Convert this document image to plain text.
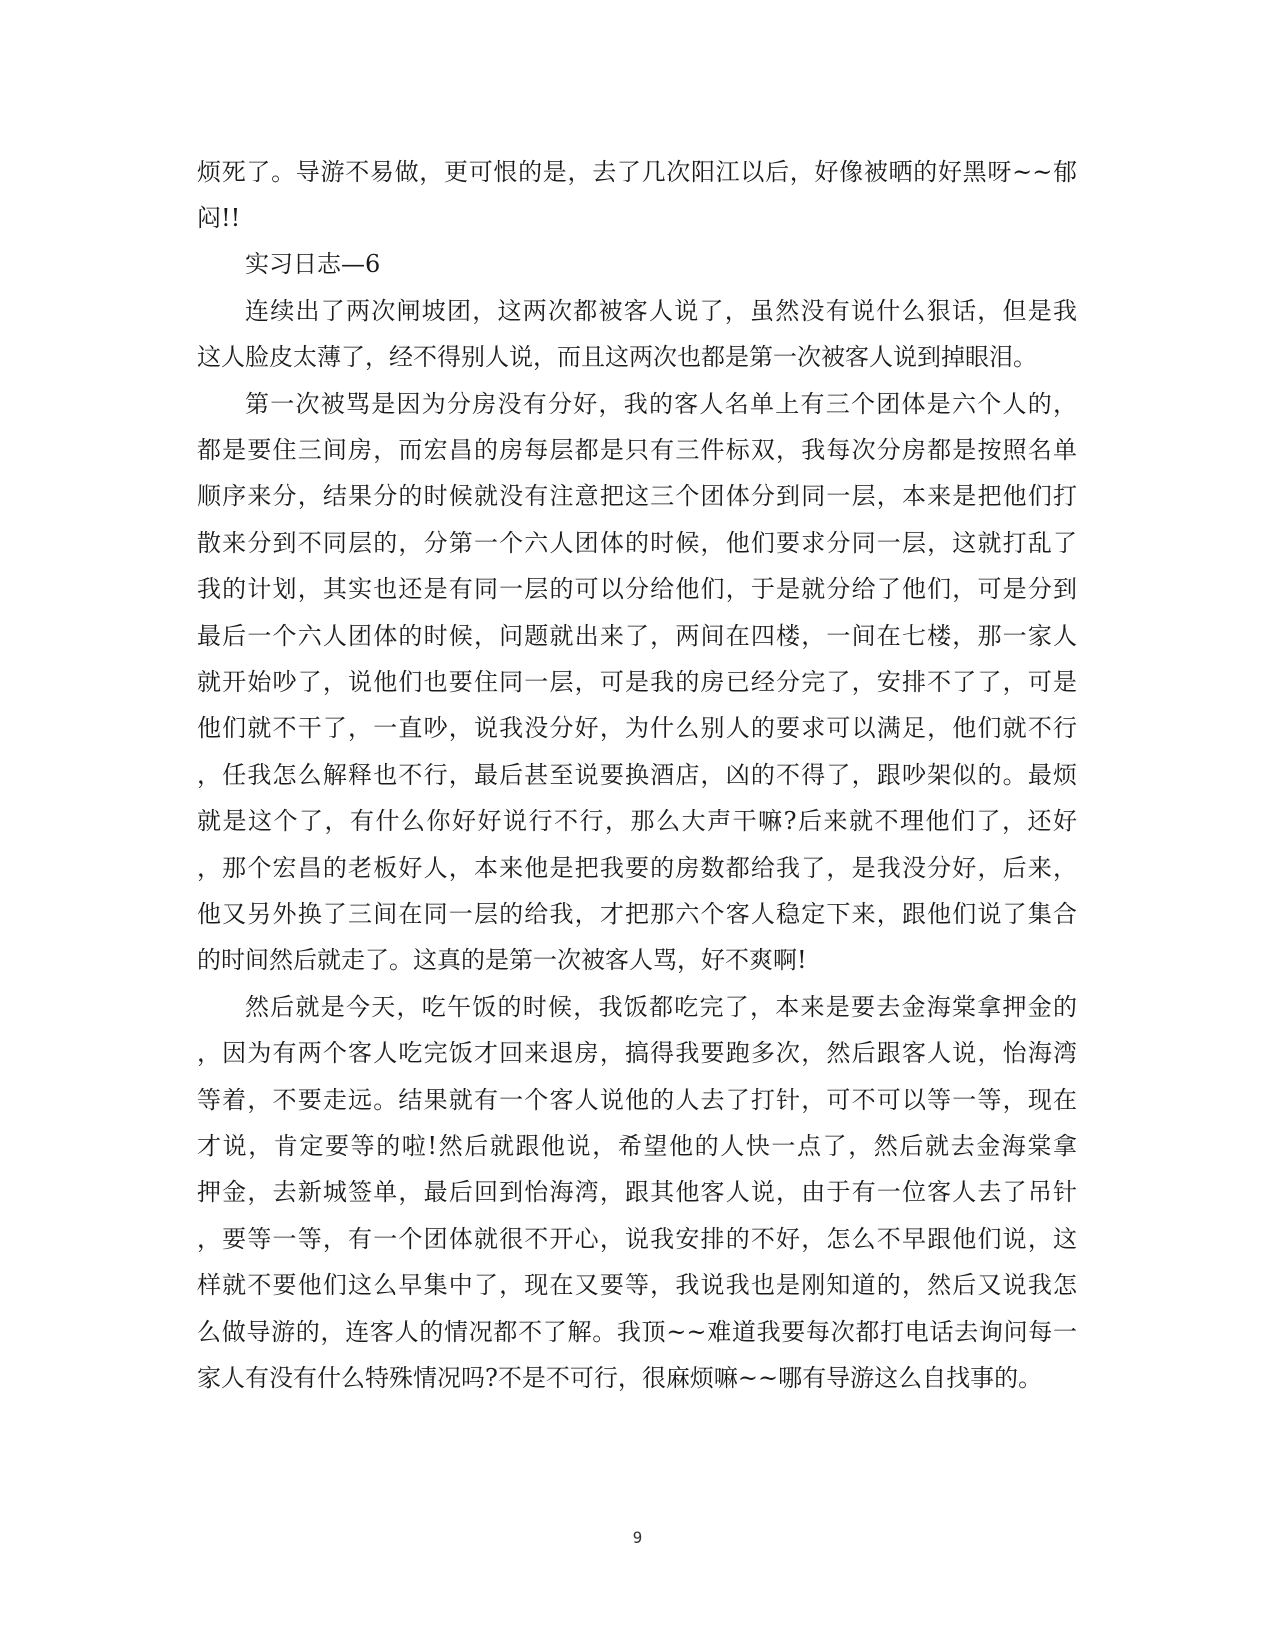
烦死了。导游不易做，更可恨的是，去了几次阳江以后，好像被晒的好黑呀~~郁
闷!!
实习日志—6
连续出了两次闸坡团，这两次都被客人说了，虽然没有说什么狠话，但是我
这人脸皮太薄了，经不得别人说，而且这两次也都是第一次被客人说到掉眼泪。
第一次被骂是因为分房没有分好，我的客人名单上有三个团体是六个人的，
都是要住三间房，而宏昌的房每层都是只有三件标双，我每次分房都是按照名单
顺序来分，结果分的时候就没有注意把这三个团体分到同一层，本来是把他们打
散来分到不同层的，分第一个六人团体的时候，他们要求分同一层，这就打乱了
我的计划，其实也还是有同一层的可以分给他们，于是就分给了他们，可是分到
最后一个六人团体的时候，问题就出来了，两间在四楼，一间在七楼，那一家人
就开始吵了，说他们也要住同一层，可是我的房已经分完了，安排不了了，可是
他们就不干了，一直吵，说我没分好，为什么别人的要求可以满足，他们就不行
，任我怎么解释也不行，最后甚至说要换酒店，凶的不得了，跟吵架似的。最烦
就是这个了，有什么你好好说行不行，那么大声干嘛?后来就不理他们了，还好
，那个宏昌的老板好人，本来他是把我要的房数都给我了，是我没分好，后来，
他又另外换了三间在同一层的给我，才把那六个客人稳定下来，跟他们说了集合
的时间然后就走了。这真的是第一次被客人骂，好不爽啊!
然后就是今天，吃午饭的时候，我饭都吃完了，本来是要去金海棠拿押金的
，因为有两个客人吃完饭才回来退房，搞得我要跑多次，然后跟客人说，怡海湾
等着，不要走远。结果就有一个客人说他的人去了打针，可不可以等一等，现在
才说，肯定要等的啦!然后就跟他说，希望他的人快一点了，然后就去金海棠拿
押金，去新城签单，最后回到怡海湾，跟其他客人说，由于有一位客人去了吊针
，要等一等，有一个团体就很不开心，说我安排的不好，怎么不早跟他们说，这
样就不要他们这么早集中了，现在又要等，我说我也是刚知道的，然后又说我怎
么做导游的，连客人的情况都不了解。我顶~~难道我要每次都打电话去询问每一
家人有没有什么特殊情况吗?不是不可行，很麻烦嘛~~哪有导游这么自找事的。
9
